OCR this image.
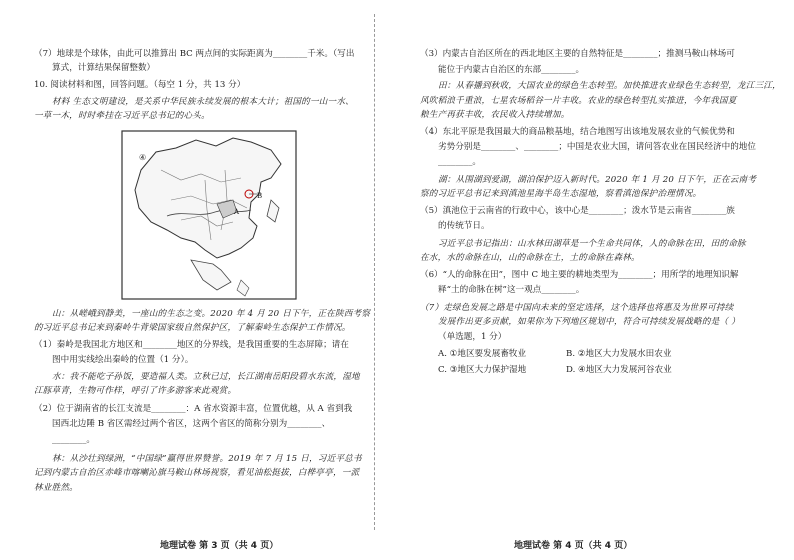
（7）地球是个球体，由此可以推算出 BC 两点间的实际距离为________千米。（写出

算式，计算结果保留整数）

10. 阅读材料和图，回答问题。（每空 1 分，共 13 分）

材料 生态文明建设，是关系中华民族永续发展的根本大计；祖国的一山一水、

一草一木，时时牵挂在习近平总书记的心头。

④
A
B

山：从嵯峨到静美，一座山的生态之变。2020 年 4 月 20 日下午，正在陕西考察

的习近平总书记来到秦岭牛背梁国家级自然保护区，了解秦岭生态保护工作情况。

（1）秦岭是我国北方地区和________地区的分界线，是我国重要的生态屏障；请在

图中用实线绘出秦岭的位置（1 分）。

水：我不能吃子孙饭，要造福人类。立秋已过，长江湖南岳阳段碧水东流，湿地

江豚草青，生物可作样，呼引了许多游客来此观赏。

（2）位于湖南省的长江支流是________：A 省水资源丰富，位置优越，从 A 省到我

国西北边陲 B 省区需经过两个省区，这两个省区的简称分别为________、

________。

林：从沙壮到绿洲，“中国绿”赢得世界赞誉。2019 年 7 月 15 日，习近平总书

记到内蒙古自治区赤峰市喀喇沁旗马鞍山林场视察，看见油松挺拔，白桦亭亭，一派

林业胜然。

（3）内蒙古自治区所在的西北地区主要的自然特征是________；推测马鞍山林场可

能位于内蒙古自治区的东部________。

田：从春播到秋收，大国农业的绿色生态转型。加快推进农业绿色生态转型，龙江三江，

风吹稻浪千重浪，七星农场稻谷一片丰收。农业的绿色转型扎实推进，今年我国夏

粮生产再获丰收，农民收入持续增加。

（4）东北平原是我国最大的商品粮基地，结合地图写出该地发展农业的气候优势和

劣势分别是________、________；中国是农业大国，请问答农业在国民经济中的地位

________。

湖：从围湖到爱湖，湖泊保护迈入新时代。2020 年 1 月 20 日下午，正在云南考

察的习近平总书记来到滇池星海半岛生态湿地，察看滇池保护治理情况。

（5）滇池位于云南省的行政中心，该中心是________；泼水节是云南省________族

的传统节日。

习近平总书记指出：山水林田湖草是一个生命共同体，人的命脉在田，田的命脉

在水，水的命脉在山，山的命脉在土，土的命脉在森林。

（6）“人的命脉在田”，图中 C 地主要的耕地类型为________；用所学的地理知识解

释“土的命脉在树”这一观点________。

（7）走绿色发展之路是中国向未来的坚定选择，这个选择也将惠及为世界可持续

发展作出更多贡献，如果你为下列地区规划中，符合可持续发展战略的是（ ）

（单选题，1 分）

A. ①地区要发展畜牧业	B. ②地区大力发展水田农业

C. ③地区大力保护湿地	D. ④地区大力发展河谷农业

地理试卷 第 3 页（共 4 页）	地理试卷 第 4 页（共 4 页）
